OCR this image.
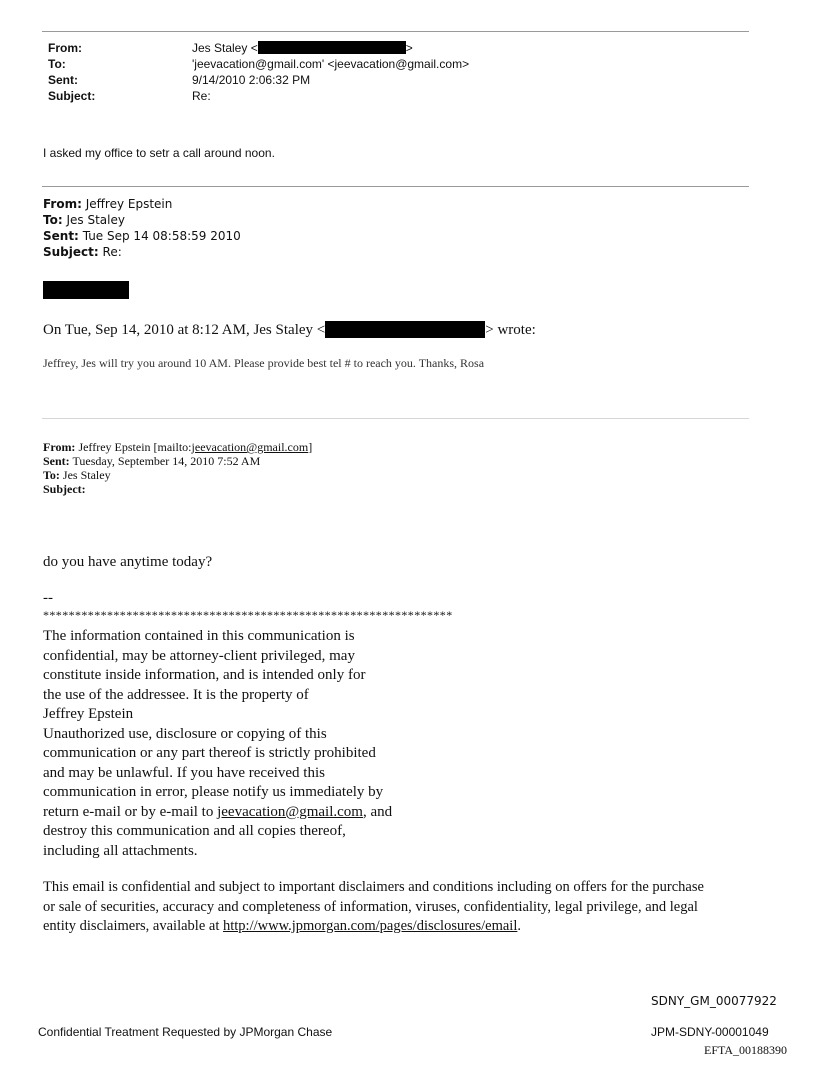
From:	Jes Staley <	>
To:	'jeevacation@gmail.com' <jeevacation@gmail.com>
Sent:	9/14/2010 2:06:32 PM
Subject:	Re:
I asked my office to setr a call around noon.
From: Jeffrey Epstein
To: Jes Staley
Sent: Tue Sep 14 08:58:59 2010
Subject: Re:
On Tue, Sep 14, 2010 at 8:12 AM, Jes Staley <	> wrote:
Jeffrey, Jes will try you around 10 AM. Please provide best tel # to reach you. Thanks, Rosa
From: Jeffrey Epstein [mailto:jeevacation@gmail.com]
Sent: Tuesday, September 14, 2010 7:52 AM
To: Jes Staley
Subject:
do you have anytime today?
--
****************************************************************
The information contained in this communication is
confidential, may be attorney-client privileged, may
constitute inside information, and is intended only for
the use of the addressee. It is the property of
Jeffrey Epstein
Unauthorized use, disclosure or copying of this
communication or any part thereof is strictly prohibited
and may be unlawful. If you have received this
communication in error, please notify us immediately by
return e-mail or by e-mail to jeevacation@gmail.com, and
destroy this communication and all copies thereof,
including all attachments.
This email is confidential and subject to important disclaimers and conditions including on offers for the purchase
or sale of securities, accuracy and completeness of information, viruses, confidentiality, legal privilege, and legal
entity disclaimers, available at http://www.jpmorgan.com/pages/disclosures/email.
SDNY_GM_00077922
Confidential Treatment Requested by JPMorgan Chase	JPM-SDNY-00001049
EFTA_00188390
